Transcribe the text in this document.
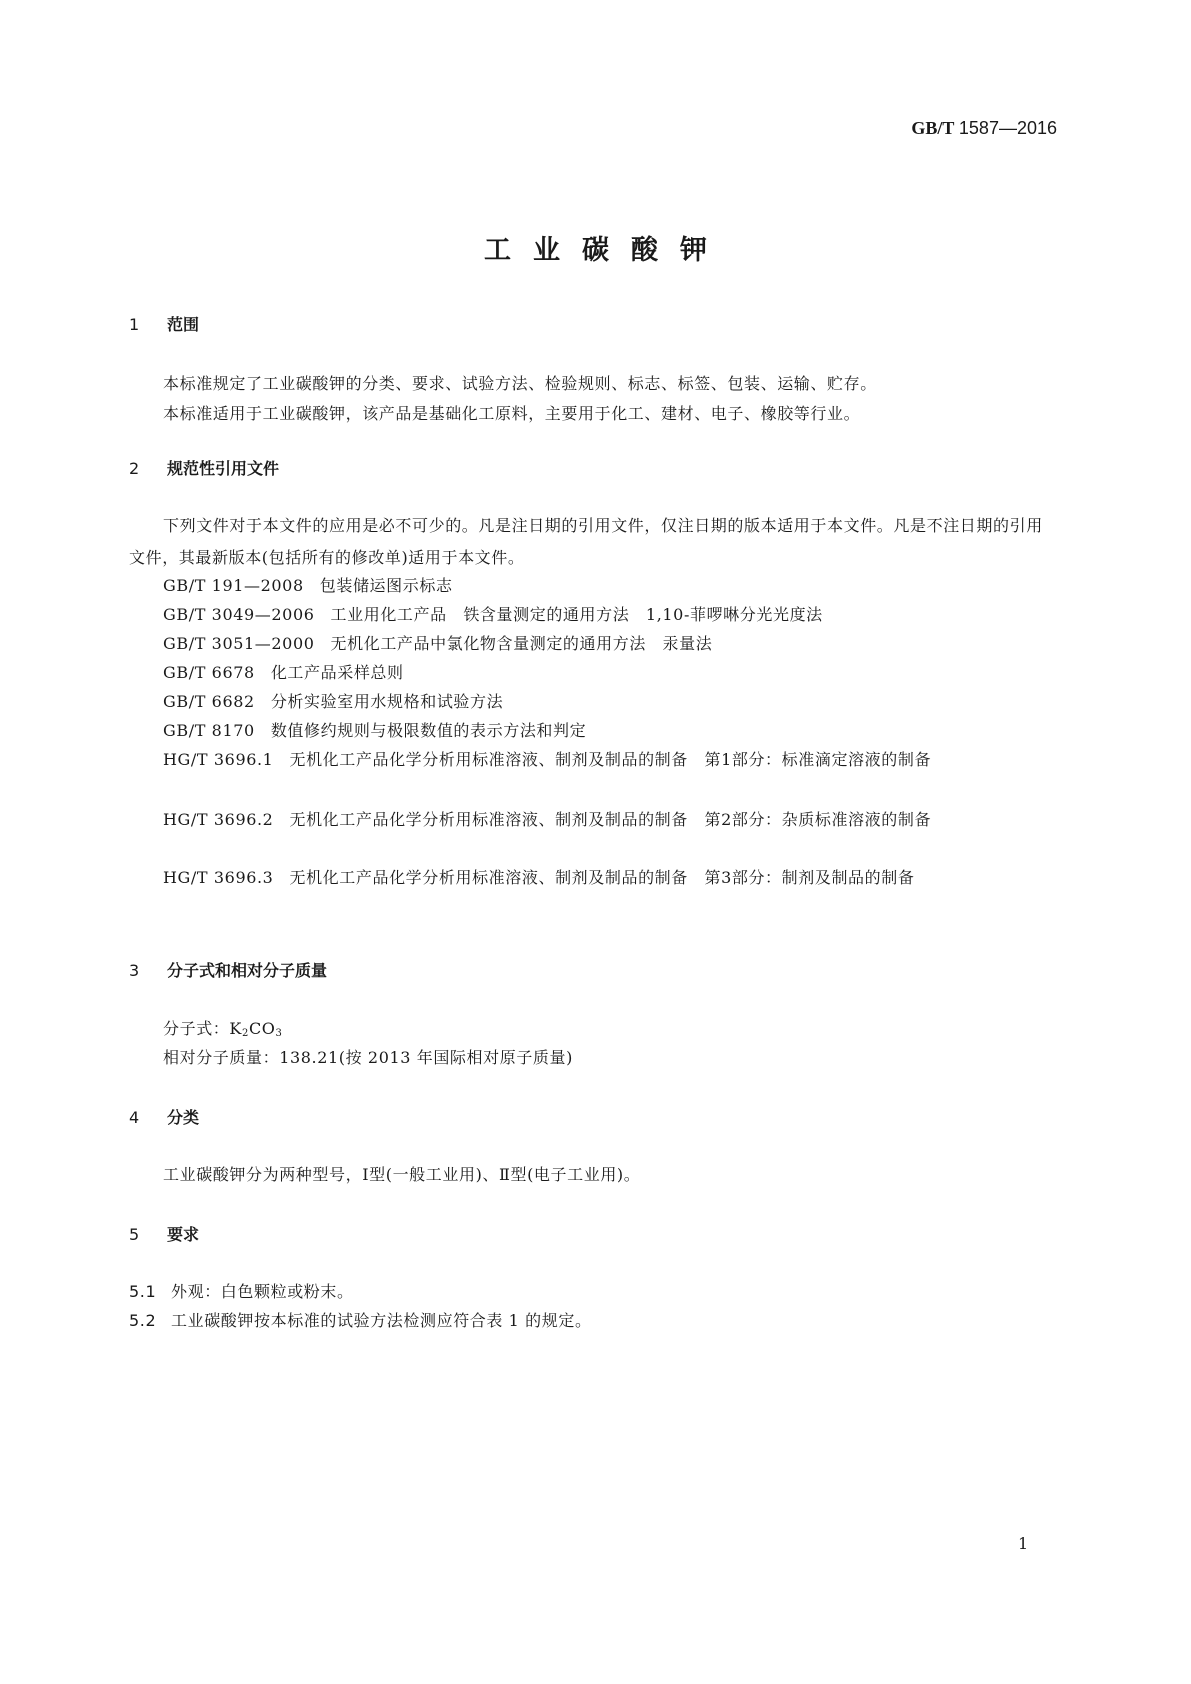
GB/T 1587—2016
工业碳酸钾
1 范围
本标准规定了工业碳酸钾的分类、要求、试验方法、检验规则、标志、标签、包装、运输、贮存。
本标准适用于工业碳酸钾，该产品是基础化工原料，主要用于化工、建材、电子、橡胶等行业。
2 规范性引用文件
下列文件对于本文件的应用是必不可少的。凡是注日期的引用文件，仅注日期的版本适用于本文件。凡是不注日期的引用文件，其最新版本(包括所有的修改单)适用于本文件。
GB/T 191—2008 包装储运图示标志
GB/T 3049—2006 工业用化工产品　铁含量测定的通用方法　1,10-菲啰啉分光光度法
GB/T 3051—2000 无机化工产品中氯化物含量测定的通用方法　汞量法
GB/T 6678 化工产品采样总则
GB/T 6682 分析实验室用水规格和试验方法
GB/T 8170 数值修约规则与极限数值的表示方法和判定
HG/T 3696.1 无机化工产品化学分析用标准溶液、制剂及制品的制备　第1部分：标准滴定溶液的制备
HG/T 3696.2 无机化工产品化学分析用标准溶液、制剂及制品的制备　第2部分：杂质标准溶液的制备
HG/T 3696.3 无机化工产品化学分析用标准溶液、制剂及制品的制备　第3部分：制剂及制品的制备
3 分子式和相对分子质量
分子式：$K_2CO_3$
相对分子质量：138.21(按 2013 年国际相对原子质量)
4 分类
工业碳酸钾分为两种型号，Ⅰ型(一般工业用)、Ⅱ型(电子工业用)。
5 要求
5.1 外观：白色颗粒或粉末。
5.2 工业碳酸钾按本标准的试验方法检测应符合表 1 的规定。
1
